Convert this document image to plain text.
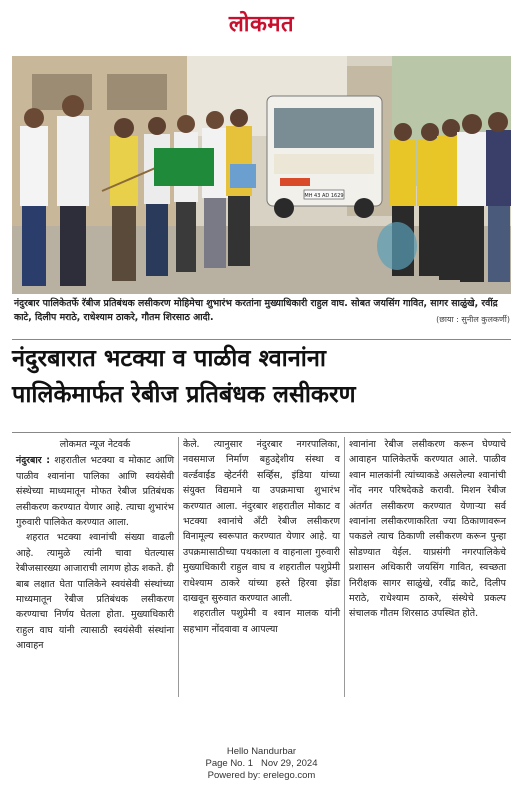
लोकमत
MH 43 AD 1629
नंदुरबार पालिकेतर्फे रॅबीज प्रतिबंधक लसीकरण मोहिमेचा शुभारंभ करतांना मुख्याधिकारी राहुल वाघ. सोबत जयसिंग गावित, सागर साळुंखे, रवींद्र काटे, दिलीप मराठे, राधेश्याम ठाकरे, गौतम शिरसाठ आदी.	(छाया : सुनील कुलकर्णी)
नंदुरबारात भटक्या व पाळीव श्वानांना
पालिकेमार्फत रेबीज प्रतिबंधक लसीकरण
लोकमत न्यूज नेटवर्क
नंदुरबार : शहरातील भटक्या व मोकाट आणि पाळीव श्वानांना पालिका आणि स्वयंसेवी संस्थेच्या माध्यमातून मोफत रेबीज प्रतिबंधक लसीकरण करण्यात येणार आहे. त्याचा शुभारंभ गुरुवारी पालिकेत करण्यात आला.
शहरात भटक्या श्वानांची संख्या वाढली आहे. त्यामुळे त्यांनी चावा घेतल्यास रेबीजसारख्या आजाराची लागण होऊ शकते. ही बाब लक्षात घेता पालिकेने स्वयंसेवी संस्थांच्या माध्यमातून रेबीज प्रतिबंधक लसीकरण करण्याचा निर्णय घेतला होता. मुख्याधिकारी राहुल वाघ यांनी त्यासाठी स्वयंसेवी संस्थांना आवाहन
केले. त्यानुसार नंदुरबार नगरपालिका, नवसमाज निर्माण बहुउद्देशीय संस्था व वर्ल्डवाईड व्हेटर्नरी सर्व्हिस, इंडिया यांच्या संयुक्त विद्यमाने या उपक्रमाचा शुभारंभ करण्यात आला. नंदुरबार शहरातील मोकाट व भटक्या श्वानांचे अँटी रेबीज लसीकरण विनामूल्य स्वरूपात करण्यात येणार आहे. या उपक्रमासाठीच्या पथकाला व वाहनाला गुरुवारी मुख्याधिकारी राहुल वाघ व शहरातील पशुप्रेमी राधेश्याम ठाकरे यांच्या हस्ते हिरवा झेंडा दाखवून सुरुवात करण्यात आली.
शहरातील पशुप्रेमी व श्वान मालक यांनी सहभाग नोंदवावा व आपल्या
श्वानांना रेबीज लसीकरण करून घेण्याचे आवाहन पालिकेतर्फे करण्यात आले. पाळीव श्वान मालकांनी त्यांच्याकडे असलेल्या श्वानांची नोंद नगर परिषदेकडे करावी. मिशन रेबीज अंतर्गत लसीकरण करण्यात येणाऱ्या सर्व श्वानांना लसीकरणाकरिता ज्या ठिकाणावरून पकडले त्याच ठिकाणी लसीकरण करून पुन्हा सोडण्यात येईल. याप्रसंगी नगरपालिकेचे प्रशासन अधिकारी जयसिंग गावित, स्वच्छता निरीक्षक सागर साळुंखे, रवींद्र काटे, दिलीप मराठे, राधेश्याम ठाकरे, संस्थेचे प्रकल्प संचालक गौतम शिरसाठ उपस्थित होते.
Hello Nandurbar
Page No. 1 Nov 29, 2024
Powered by: erelego.com
